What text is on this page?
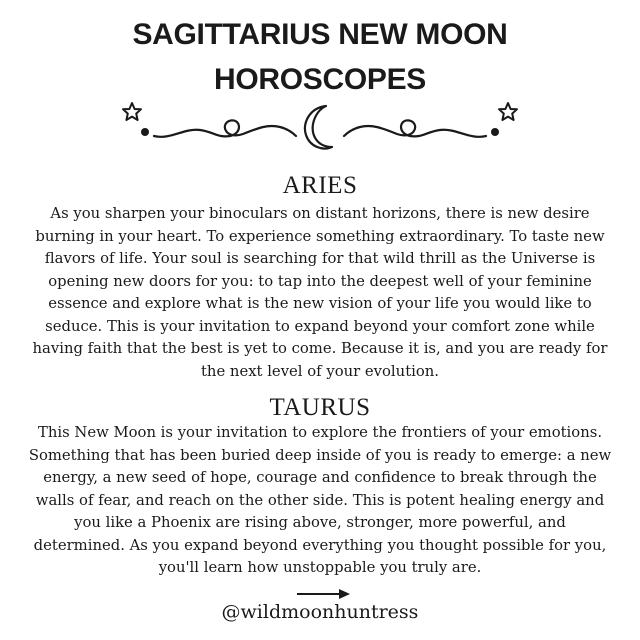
SAGITTARIUS NEW MOON
HOROSCOPES
ARIES
As you sharpen your binoculars on distant horizons, there is new desire burning in your heart. To experience something extraordinary. To taste new flavors of life. Your soul is searching for that wild thrill as the Universe is opening new doors for you: to tap into the deepest well of your feminine essence and explore what is the new vision of your life you would like to seduce. This is your invitation to expand beyond your comfort zone while having faith that the best is yet to come. Because it is, and you are ready for the next level of your evolution.
TAURUS
This New Moon is your invitation to explore the frontiers of your emotions. Something that has been buried deep inside of you is ready to emerge: a new energy, a new seed of hope, courage and confidence to break through the walls of fear, and reach on the other side. This is potent healing energy and you like a Phoenix are rising above, stronger, more powerful, and determined. As you expand beyond everything you thought possible for you, you'll learn how unstoppable you truly are.
@wildmoonhuntress
